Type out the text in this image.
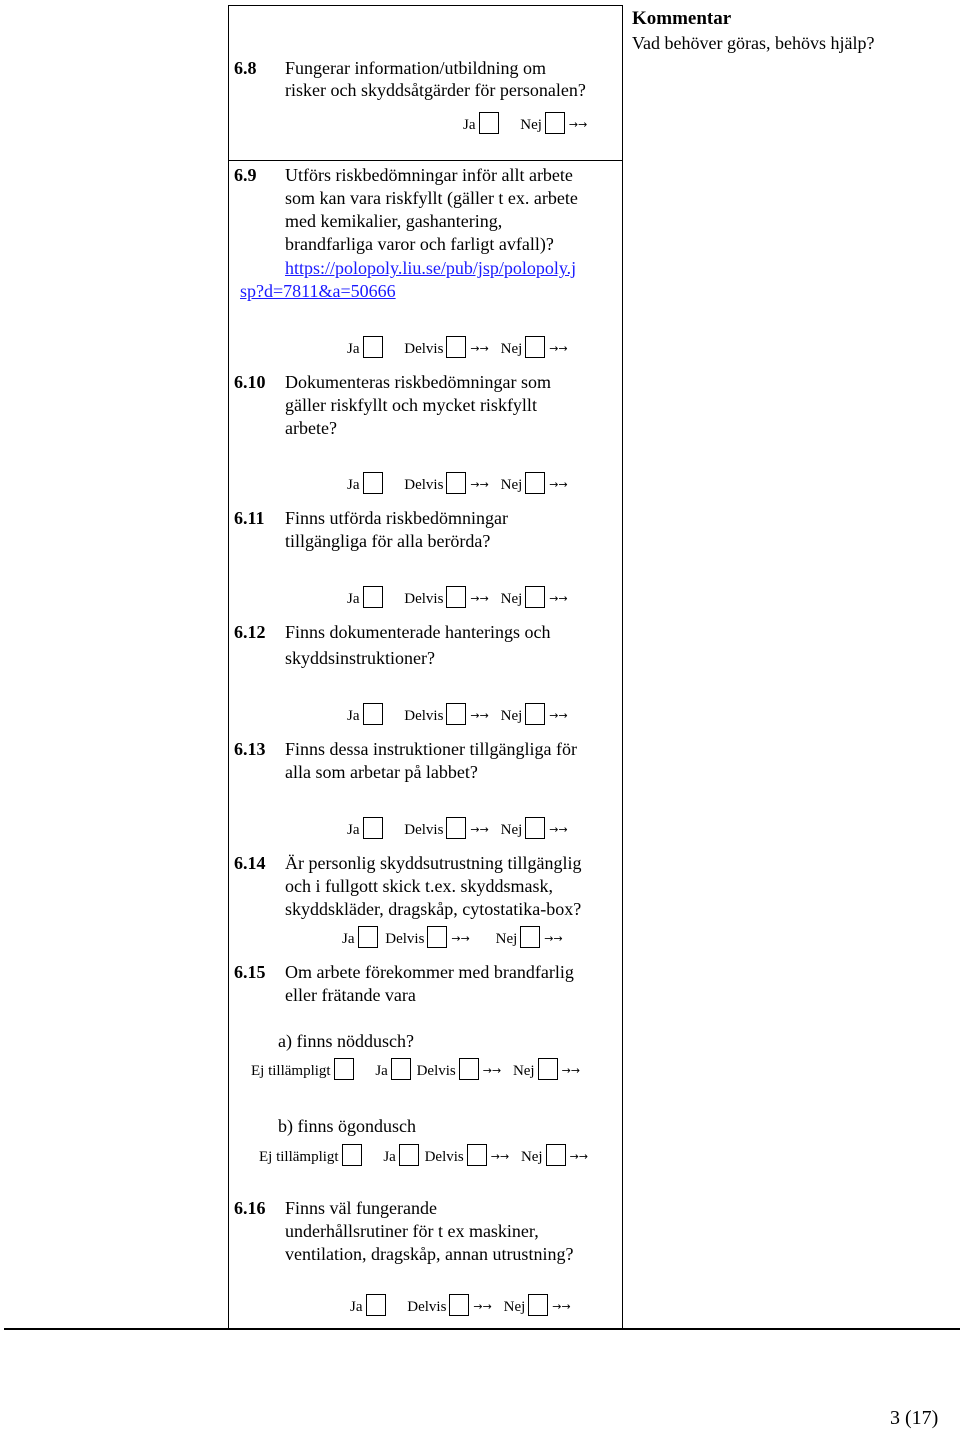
Kommentar
Vad behöver göras, behövs hjälp?
6.8 Fungerar information/utbildning om
risker och skyddsåtgärder för personalen?
Ja	Nej →→
6.9 Utförs riskbedömningar inför allt arbete
som kan vara riskfyllt (gäller t ex. arbete
med kemikalier, gashantering,
brandfarliga varor och farligt avfall)?
https://polopoly.liu.se/pub/jsp/polopoly.j
sp?d=7811&a=50666
Ja	Delvis →→ Nej →→
6.10 Dokumenteras riskbedömningar som
gäller riskfyllt och mycket riskfyllt
arbete?
Ja	Delvis →→ Nej →→
6.11 Finns utförda riskbedömningar
tillgängliga för alla berörda?
Ja	Delvis →→ Nej →→
6.12 Finns dokumenterade hanterings och
skyddsinstruktioner?
Ja	Delvis →→ Nej →→
6.13 Finns dessa instruktioner tillgängliga för
alla som arbetar på labbet?
Ja	Delvis →→ Nej →→
6.14 Är personlig skyddsutrustning tillgänglig
och i fullgott skick t.ex. skyddsmask,
skyddskläder, dragskåp, cytostatika-box?
Ja Delvis →→ Nej →→
6.15 Om arbete förekommer med brandfarlig
eller frätande vara
a) finns nöddusch?
Ej tillämpligt	Ja Delvis →→ Nej →→
b) finns ögondusch
Ej tillämpligt	Ja Delvis →→ Nej →→
6.16 Finns väl fungerande
underhållsrutiner för t ex maskiner,
ventilation, dragskåp, annan utrustning?
Ja	Delvis →→ Nej →→
3 (17)
